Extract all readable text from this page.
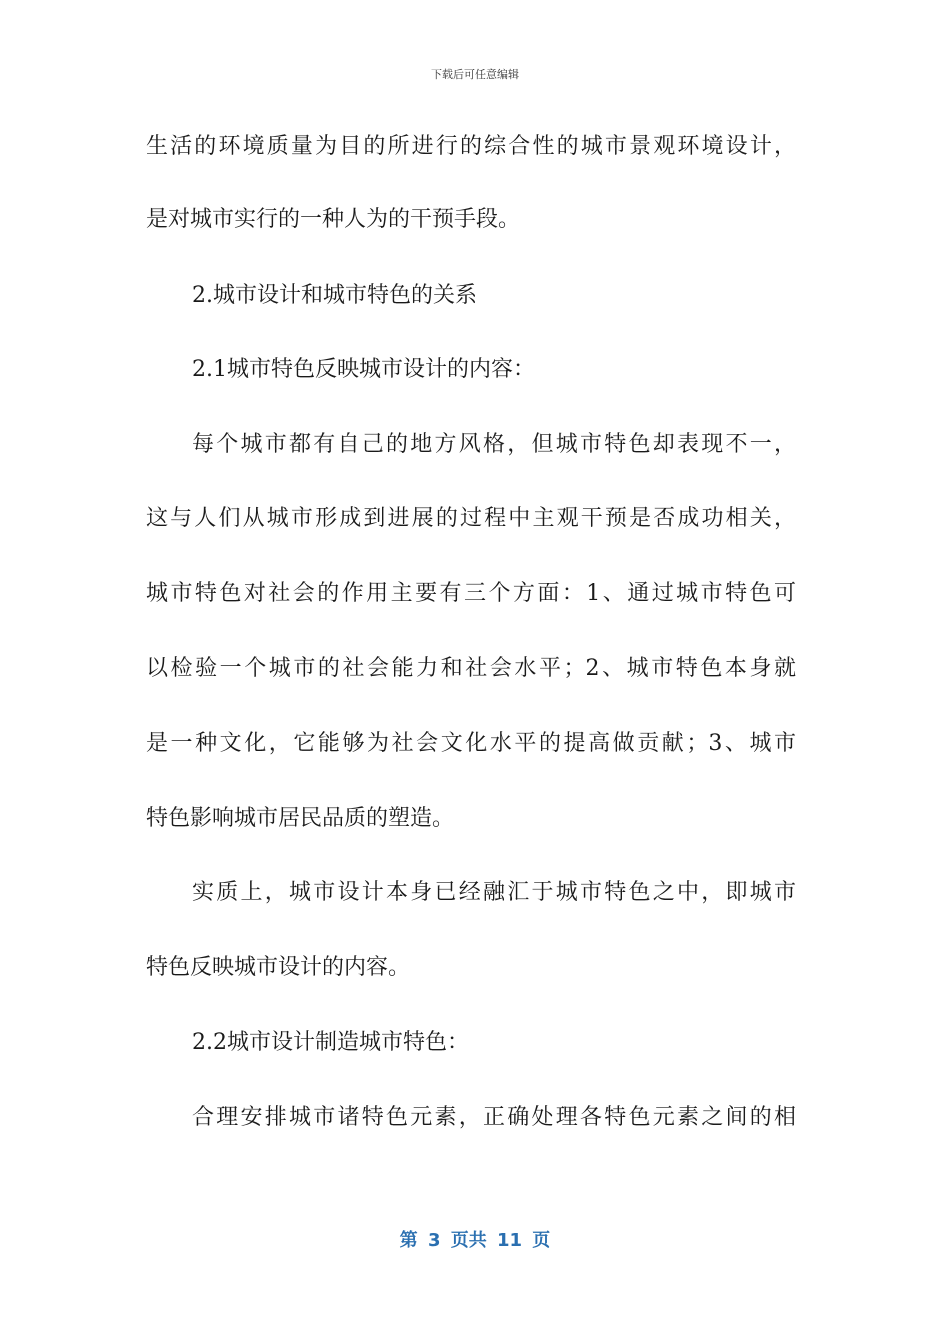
下载后可任意编辑
生活的环境质量为目的所进行的综合性的城市景观环境设计，
是对城市实行的一种人为的干预手段。
2.城市设计和城市特色的关系
2.1城市特色反映城市设计的内容：
每个城市都有自己的地方风格，但城市特色却表现不一，
这与人们从城市形成到进展的过程中主观干预是否成功相关，
城市特色对社会的作用主要有三个方面：1、通过城市特色可
以检验一个城市的社会能力和社会水平；2、城市特色本身就
是一种文化，它能够为社会文化水平的提高做贡献；3、城市
特色影响城市居民品质的塑造。
实质上，城市设计本身已经融汇于城市特色之中，即城市
特色反映城市设计的内容。
2.2城市设计制造城市特色：
合理安排城市诸特色元素，正确处理各特色元素之间的相
第 3 页共 11 页
